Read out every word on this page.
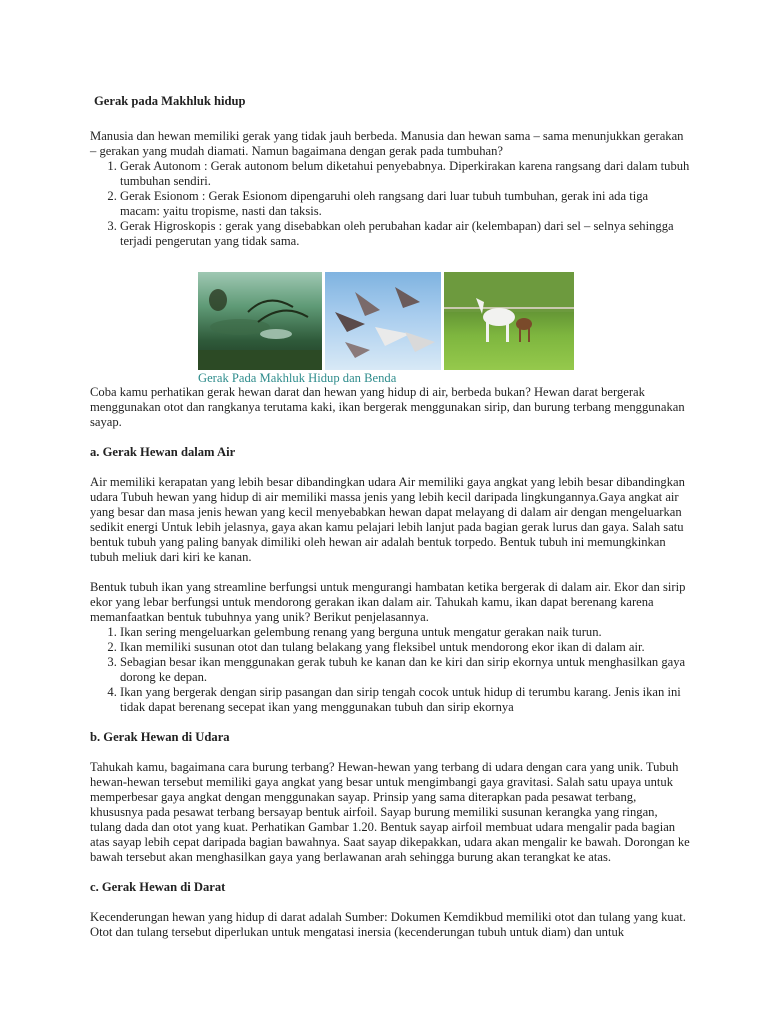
Gerak pada Makhluk hidup

Manusia dan hewan memiliki gerak yang tidak jauh berbeda. Manusia dan hewan sama – sama menunjukkan gerakan – gerakan yang mudah diamati. Namun bagaimana dengan gerak pada tumbuhan?

1. Gerak Autonom : Gerak autonom belum diketahui penyebabnya. Diperkirakan karena rangsang dari dalam tubuh tumbuhan sendiri.
2. Gerak Esionom : Gerak Esionom dipengaruhi oleh rangsang dari luar tubuh tumbuhan, gerak ini ada tiga macam: yaitu tropisme, nasti dan taksis.
3. Gerak Higroskopis : gerak yang disebabkan oleh perubahan kadar air (kelembapan) dari sel – selnya sehingga terjadi pengerutan yang tidak sama.

Gerak Pada Makhluk Hidup dan Benda

Coba kamu perhatikan gerak hewan darat dan hewan yang hidup di air, berbeda bukan? Hewan darat bergerak menggunakan otot dan rangkanya terutama kaki, ikan bergerak menggunakan sirip, dan burung terbang menggunakan sayap.

a. Gerak Hewan dalam Air

Air memiliki kerapatan yang lebih besar dibandingkan udara Air memiliki gaya angkat yang lebih besar dibandingkan udara Tubuh hewan yang hidup di air memiliki massa jenis yang lebih kecil daripada lingkungannya.Gaya angkat air yang besar dan masa jenis hewan yang kecil menyebabkan hewan dapat melayang di dalam air dengan mengeluarkan sedikit energi Untuk lebih jelasnya, gaya akan kamu pelajari lebih lanjut pada bagian gerak lurus dan gaya. Salah satu bentuk tubuh yang paling banyak dimiliki oleh hewan air adalah bentuk torpedo. Bentuk tubuh ini memungkinkan tubuh meliuk dari kiri ke kanan.

Bentuk tubuh ikan yang streamline berfungsi untuk mengurangi hambatan ketika bergerak di dalam air. Ekor dan sirip ekor yang lebar berfungsi untuk mendorong gerakan ikan dalam air. Tahukah kamu, ikan dapat berenang karena memanfaatkan bentuk tubuhnya yang unik? Berikut penjelasannya.

1. Ikan sering mengeluarkan gelembung renang yang berguna untuk mengatur gerakan naik turun.
2. Ikan memiliki susunan otot dan tulang belakang yang fleksibel untuk mendorong ekor ikan di dalam air.
3. Sebagian besar ikan menggunakan gerak tubuh ke kanan dan ke kiri dan sirip ekornya untuk menghasilkan gaya dorong ke depan.
4. Ikan yang bergerak dengan sirip pasangan dan sirip tengah cocok untuk hidup di terumbu karang. Jenis ikan ini tidak dapat berenang secepat ikan yang menggunakan tubuh dan sirip ekornya

b. Gerak Hewan di Udara

Tahukah kamu, bagaimana cara burung terbang? Hewan-hewan yang terbang di udara dengan cara yang unik. Tubuh hewan-hewan tersebut memiliki gaya angkat yang besar untuk mengimbangi gaya gravitasi. Salah satu upaya untuk memperbesar gaya angkat dengan menggunakan sayap. Prinsip yang sama diterapkan pada pesawat terbang, khususnya pada pesawat terbang bersayap bentuk airfoil. Sayap burung memiliki susunan kerangka yang ringan, tulang dada dan otot yang kuat. Perhatikan Gambar 1.20. Bentuk sayap airfoil membuat udara mengalir pada bagian atas sayap lebih cepat daripada bagian bawahnya. Saat sayap dikepakkan, udara akan mengalir ke bawah. Dorongan ke bawah tersebut akan menghasilkan gaya yang berlawanan arah sehingga burung akan terangkat ke atas.

c. Gerak Hewan di Darat

Kecenderungan hewan yang hidup di darat adalah Sumber: Dokumen Kemdikbud memiliki otot dan tulang yang kuat. Otot dan tulang tersebut diperlukan untuk mengatasi inersia (kecenderungan tubuh untuk diam) dan untuk
